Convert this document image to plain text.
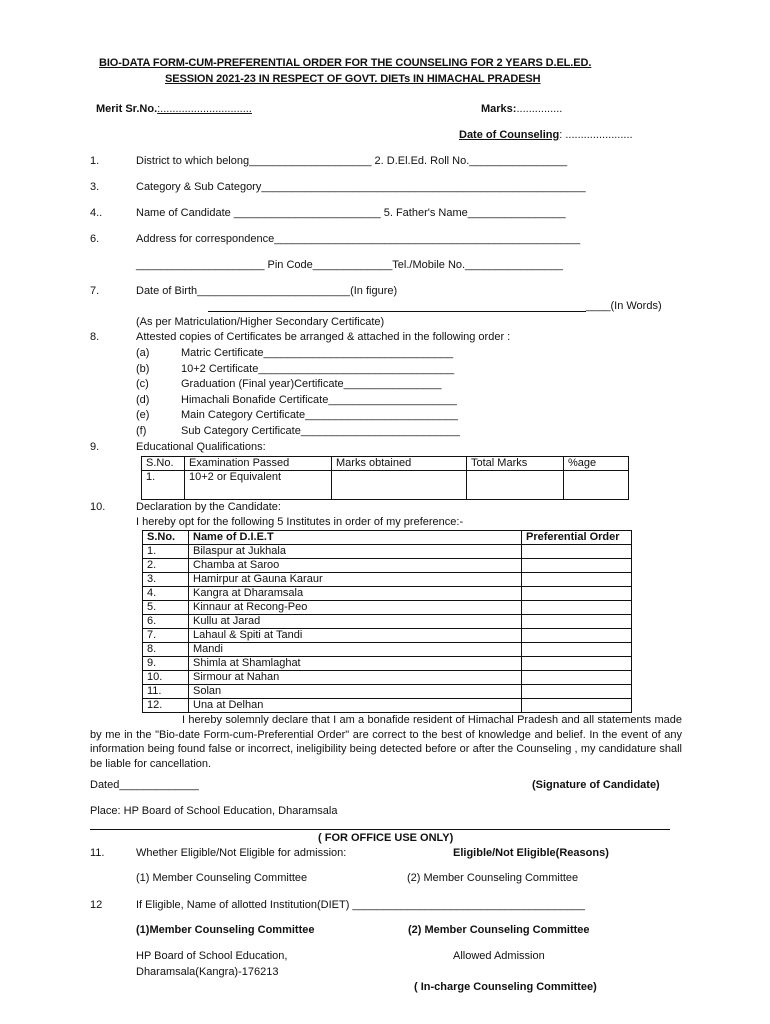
BIO-DATA FORM-CUM-PREFERENTIAL ORDER FOR THE COUNSELING FOR 2 YEARS D.EL.ED.
SESSION 2021-23 IN RESPECT OF GOVT. DIETs IN HIMACHAL PRADESH
Merit Sr.No.:..............................	Marks:...............
Date of Counseling: ......................
1.	District to which belong____________________ 2. D.El.Ed. Roll No.________________
3.	Category & Sub Category_____________________________________________________
4..	Name of Candidate ________________________ 5. Father's Name________________
6.	Address for correspondence__________________________________________________
_____________________ Pin Code_____________Tel./Mobile No.________________
7.	Date of Birth_________________________(In figure)
____(In Words)
(As per Matriculation/Higher Secondary Certificate)
8.	Attested copies of Certificates be arranged & attached in the following order :
(a)	Matric Certificate_______________________________
(b)	10+2 Certificate________________________________
(c)	Graduation (Final year)Certificate________________
(d)	Himachali Bonafide Certificate_____________________
(e)	Main Category Certificate_________________________
(f)	Sub Category Certificate__________________________
9.	Educational Qualifications:
S.No.	Examination Passed	Marks obtained	Total Marks	%age
1.	10+2 or Equivalent			
10.	Declaration by the Candidate:
I hereby opt for the following 5 Institutes in order of my preference:-
S.No.	Name of D.I.E.T	Preferential Order
1.	Bilaspur at Jukhala	
2.	Chamba at Saroo	
3.	Hamirpur at Gauna Karaur	
4.	Kangra at Dharamsala	
5.	Kinnaur at Recong-Peo	
6.	Kullu at Jarad	
7.	Lahaul & Spiti at Tandi	
8.	Mandi	
9.	Shimla at Shamlaghat	
10.	Sirmour at Nahan	
11.	Solan	
12.	Una at Delhan	
I hereby solemnly declare that I am a bonafide resident of Himachal Pradesh and all statements made by me in the "Bio-date Form-cum-Preferential Order" are correct to the best of knowledge and belief. In the event of any information being found false or incorrect, ineligibility being detected before or after the Counseling , my candidature shall be liable for cancellation.
Dated_____________	(Signature of Candidate)
Place: HP Board of School Education, Dharamsala
( FOR OFFICE USE ONLY)
11.	Whether Eligible/Not Eligible for admission:	Eligible/Not Eligible(Reasons)
(1) Member Counseling Committee	(2) Member Counseling Committee
12	If Eligible, Name of allotted Institution(DIET) ______________________________________
(1)Member Counseling Committee	(2) Member Counseling Committee
HP Board of School Education,	Allowed Admission
Dharamsala(Kangra)-176213
( In-charge Counseling Committee)
